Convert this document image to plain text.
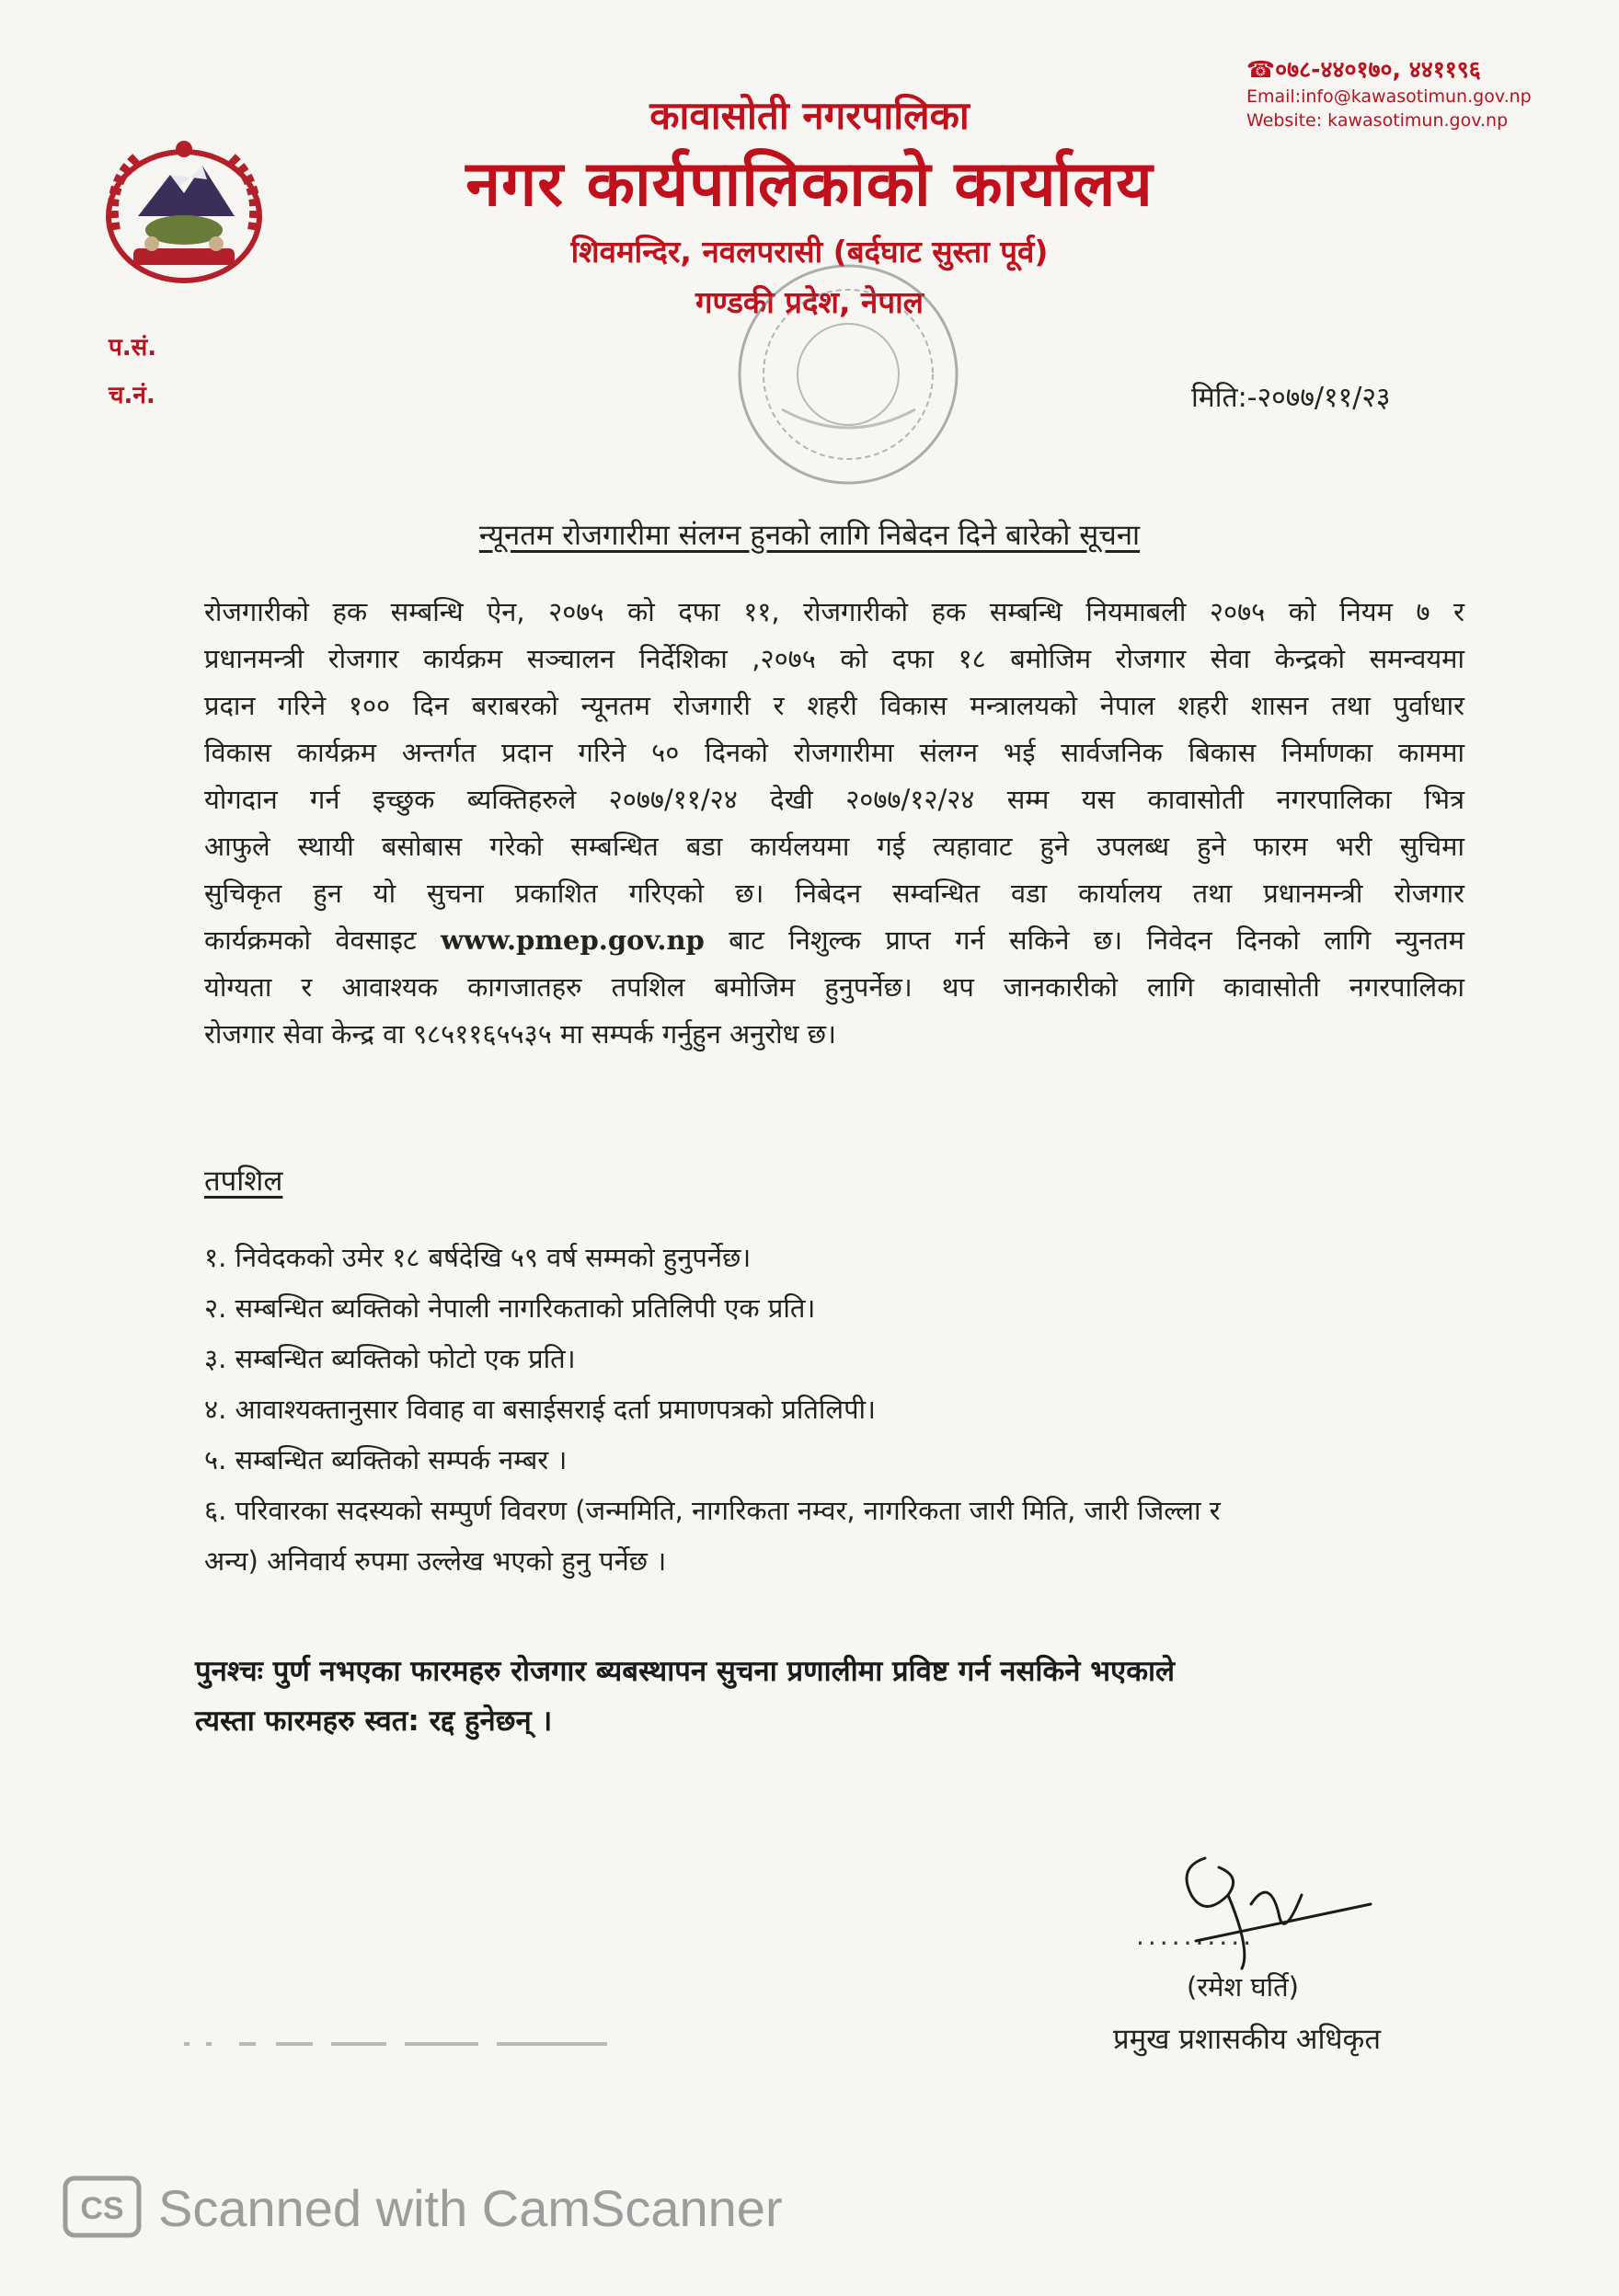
☎०७८-४४०१७०, ४४११९६
Email:info@kawasotimun.gov.np
Website: kawasotimun.gov.np
कावासोती नगरपालिका
नगर कार्यपालिकाको कार्यालय
शिवमन्दिर, नवलपरासी (बर्दघाट सुस्ता पूर्व)
गण्डकी प्रदेश, नेपाल
प.सं.
च.नं.	मिति:-२०७७/११/२३
न्यूनतम रोजगारीमा संलग्न हुनको लागि निबेदन दिने बारेको सूचना
रोजगारीको हक सम्बन्धि ऐन, २०७५ को दफा ११, रोजगारीको हक सम्बन्धि नियमाबली २०७५ को नियम ७ र
प्रधानमन्त्री रोजगार कार्यक्रम सञ्चालन निर्देशिका ,२०७५ को दफा १८ बमोजिम रोजगार सेवा केन्द्रको समन्वयमा
प्रदान गरिने १०० दिन बराबरको न्यूनतम रोजगारी र शहरी विकास मन्त्रालयको नेपाल शहरी शासन तथा पुर्वाधार
विकास कार्यक्रम अन्तर्गत प्रदान गरिने ५० दिनको रोजगारीमा संलग्न भई सार्वजनिक बिकास निर्माणका काममा
योगदान गर्न इच्छुक ब्यक्तिहरुले २०७७/११/२४ देखी २०७७/१२/२४ सम्म यस कावासोती नगरपालिका भित्र
आफुले स्थायी बसोबास गरेको सम्बन्धित बडा कार्यलयमा गई त्यहावाट हुने उपलब्ध हुने फारम भरी सुचिमा
सुचिकृत हुन यो सुचना प्रकाशित गरिएको छ। निबेदन सम्वन्धित वडा कार्यालय तथा प्रधानमन्त्री रोजगार
कार्यक्रमको वेवसाइट www.pmep.gov.np बाट निशुल्क प्राप्त गर्न सकिने छ। निवेदन दिनको लागि न्युनतम
योग्यता र आवाश्यक कागजातहरु तपशिल बमोजिम हुनुपर्नेछ। थप जानकारीको लागि कावासोती नगरपालिका
रोजगार सेवा केन्द्र वा ९८५११६५५३५ मा सम्पर्क गर्नुहुन अनुरोध छ।
तपशिल
१. निवेदकको उमेर १८ बर्षदेखि ५९ वर्ष सम्मको हुनुपर्नेछ।
२. सम्बन्धित ब्यक्तिको नेपाली नागरिकताको प्रतिलिपी एक प्रति।
३. सम्बन्धित ब्यक्तिको फोटो एक प्रति।
४. आवाश्यक्तानुसार विवाह वा बसाईसराई दर्ता प्रमाणपत्रको प्रतिलिपी।
५. सम्बन्धित ब्यक्तिको सम्पर्क नम्बर ।
६. परिवारका सदस्यको सम्पुर्ण विवरण (जन्ममिति, नागरिकता नम्वर, नागरिकता जारी मिति, जारी जिल्ला र
अन्य) अनिवार्य रुपमा उल्लेख भएको हुनु पर्नेछ ।
पुनश्चः पुर्ण नभएका फारमहरु रोजगार ब्यबस्थापन सुचना प्रणालीमा प्रविष्ट गर्न नसकिने भएकाले
त्यस्ता फारमहरु स्वत: रद्द हुनेछन् ।
..........
(रमेश घर्ति)
प्रमुख प्रशासकीय अधिकृत
CS Scanned with CamScanner
